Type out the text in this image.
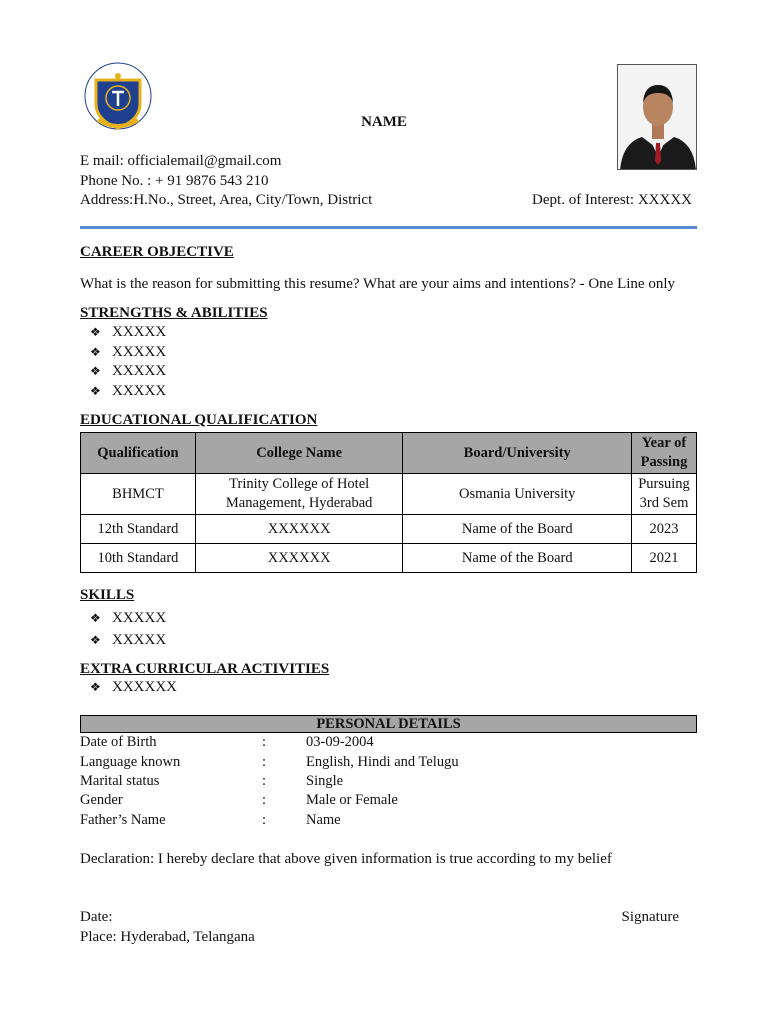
NAME
E mail: officialemail@gmail.com
Phone No. : + 91 9876 543 210
Address:H.No., Street, Area, City/Town, District	Dept. of Interest: XXXXX
CAREER OBJECTIVE
What is the reason for submitting this resume? What are your aims and intentions? - One Line only
STRENGTHS & ABILITIES
❖ XXXXX
❖ XXXXX
❖ XXXXX
❖ XXXXX
EDUCATIONAL QUALIFICATION
Qualification	College Name	Board/University	Year of Passing
BHMCT	Trinity College of Hotel Management, Hyderabad	Osmania University	Pursuing 3rd Sem
12th Standard	XXXXXX	Name of the Board	2023
10th Standard	XXXXXX	Name of the Board	2021
SKILLS
❖ XXXXX
❖ XXXXX
EXTRA CURRICULAR ACTIVITIES
❖ XXXXXX
PERSONAL DETAILS
Date of Birth	:	03-09-2004
Language known	:	English, Hindi and Telugu
Marital status	:	Single
Gender	:	Male or Female
Father’s Name	:	Name
Declaration: I hereby declare that above given information is true according to my belief
Date:	Signature
Place: Hyderabad, Telangana
